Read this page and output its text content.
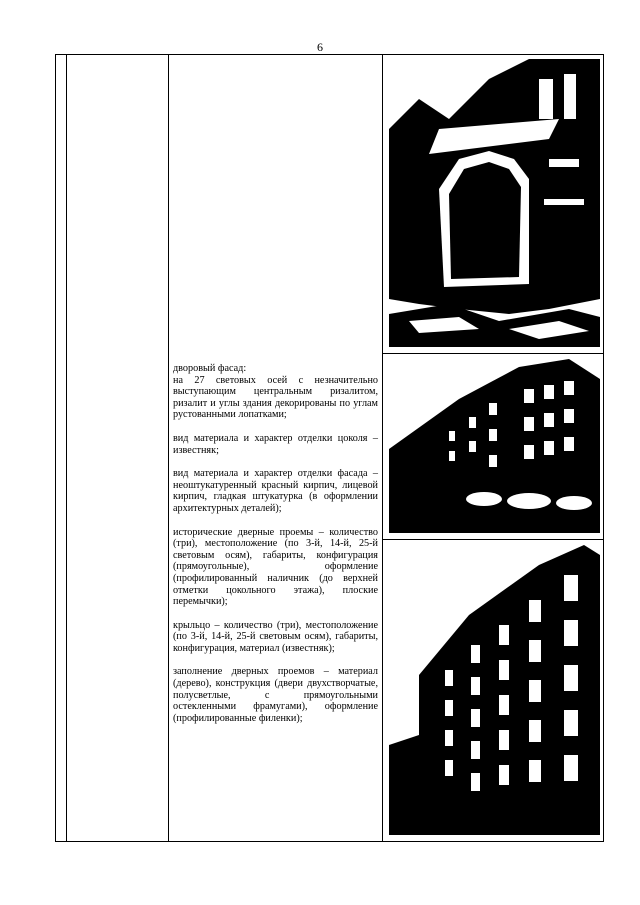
6

дворовый фасад:
на 27 световых осей с незначительно выступающим центральным ризалитом, ризалит и углы здания декорированы по углам рустованными лопатками;

вид материала и характер отделки цоколя – известняк;

вид материала и характер отделки фасада – неоштукатуренный красный кирпич, лицевой кирпич, гладкая штукатурка (в оформлении архитектурных деталей);

исторические дверные проемы – количество (три), местоположение (по 3-й, 14-й, 25-й световым осям), габариты, конфигурация (прямоугольные), оформление (профилированный наличник (до верхней отметки цокольного этажа), плоские перемычки);

крыльцо – количество (три), местоположение (по 3-й, 14-й, 25-й световым осям), габариты, конфигурация, материал (известняк);

заполнение дверных проемов – материал (дерево), конструкция (двери двухстворчатые, полусветлые, с прямоугольными остекленными фрамугами), оформление (профилированные филенки);
